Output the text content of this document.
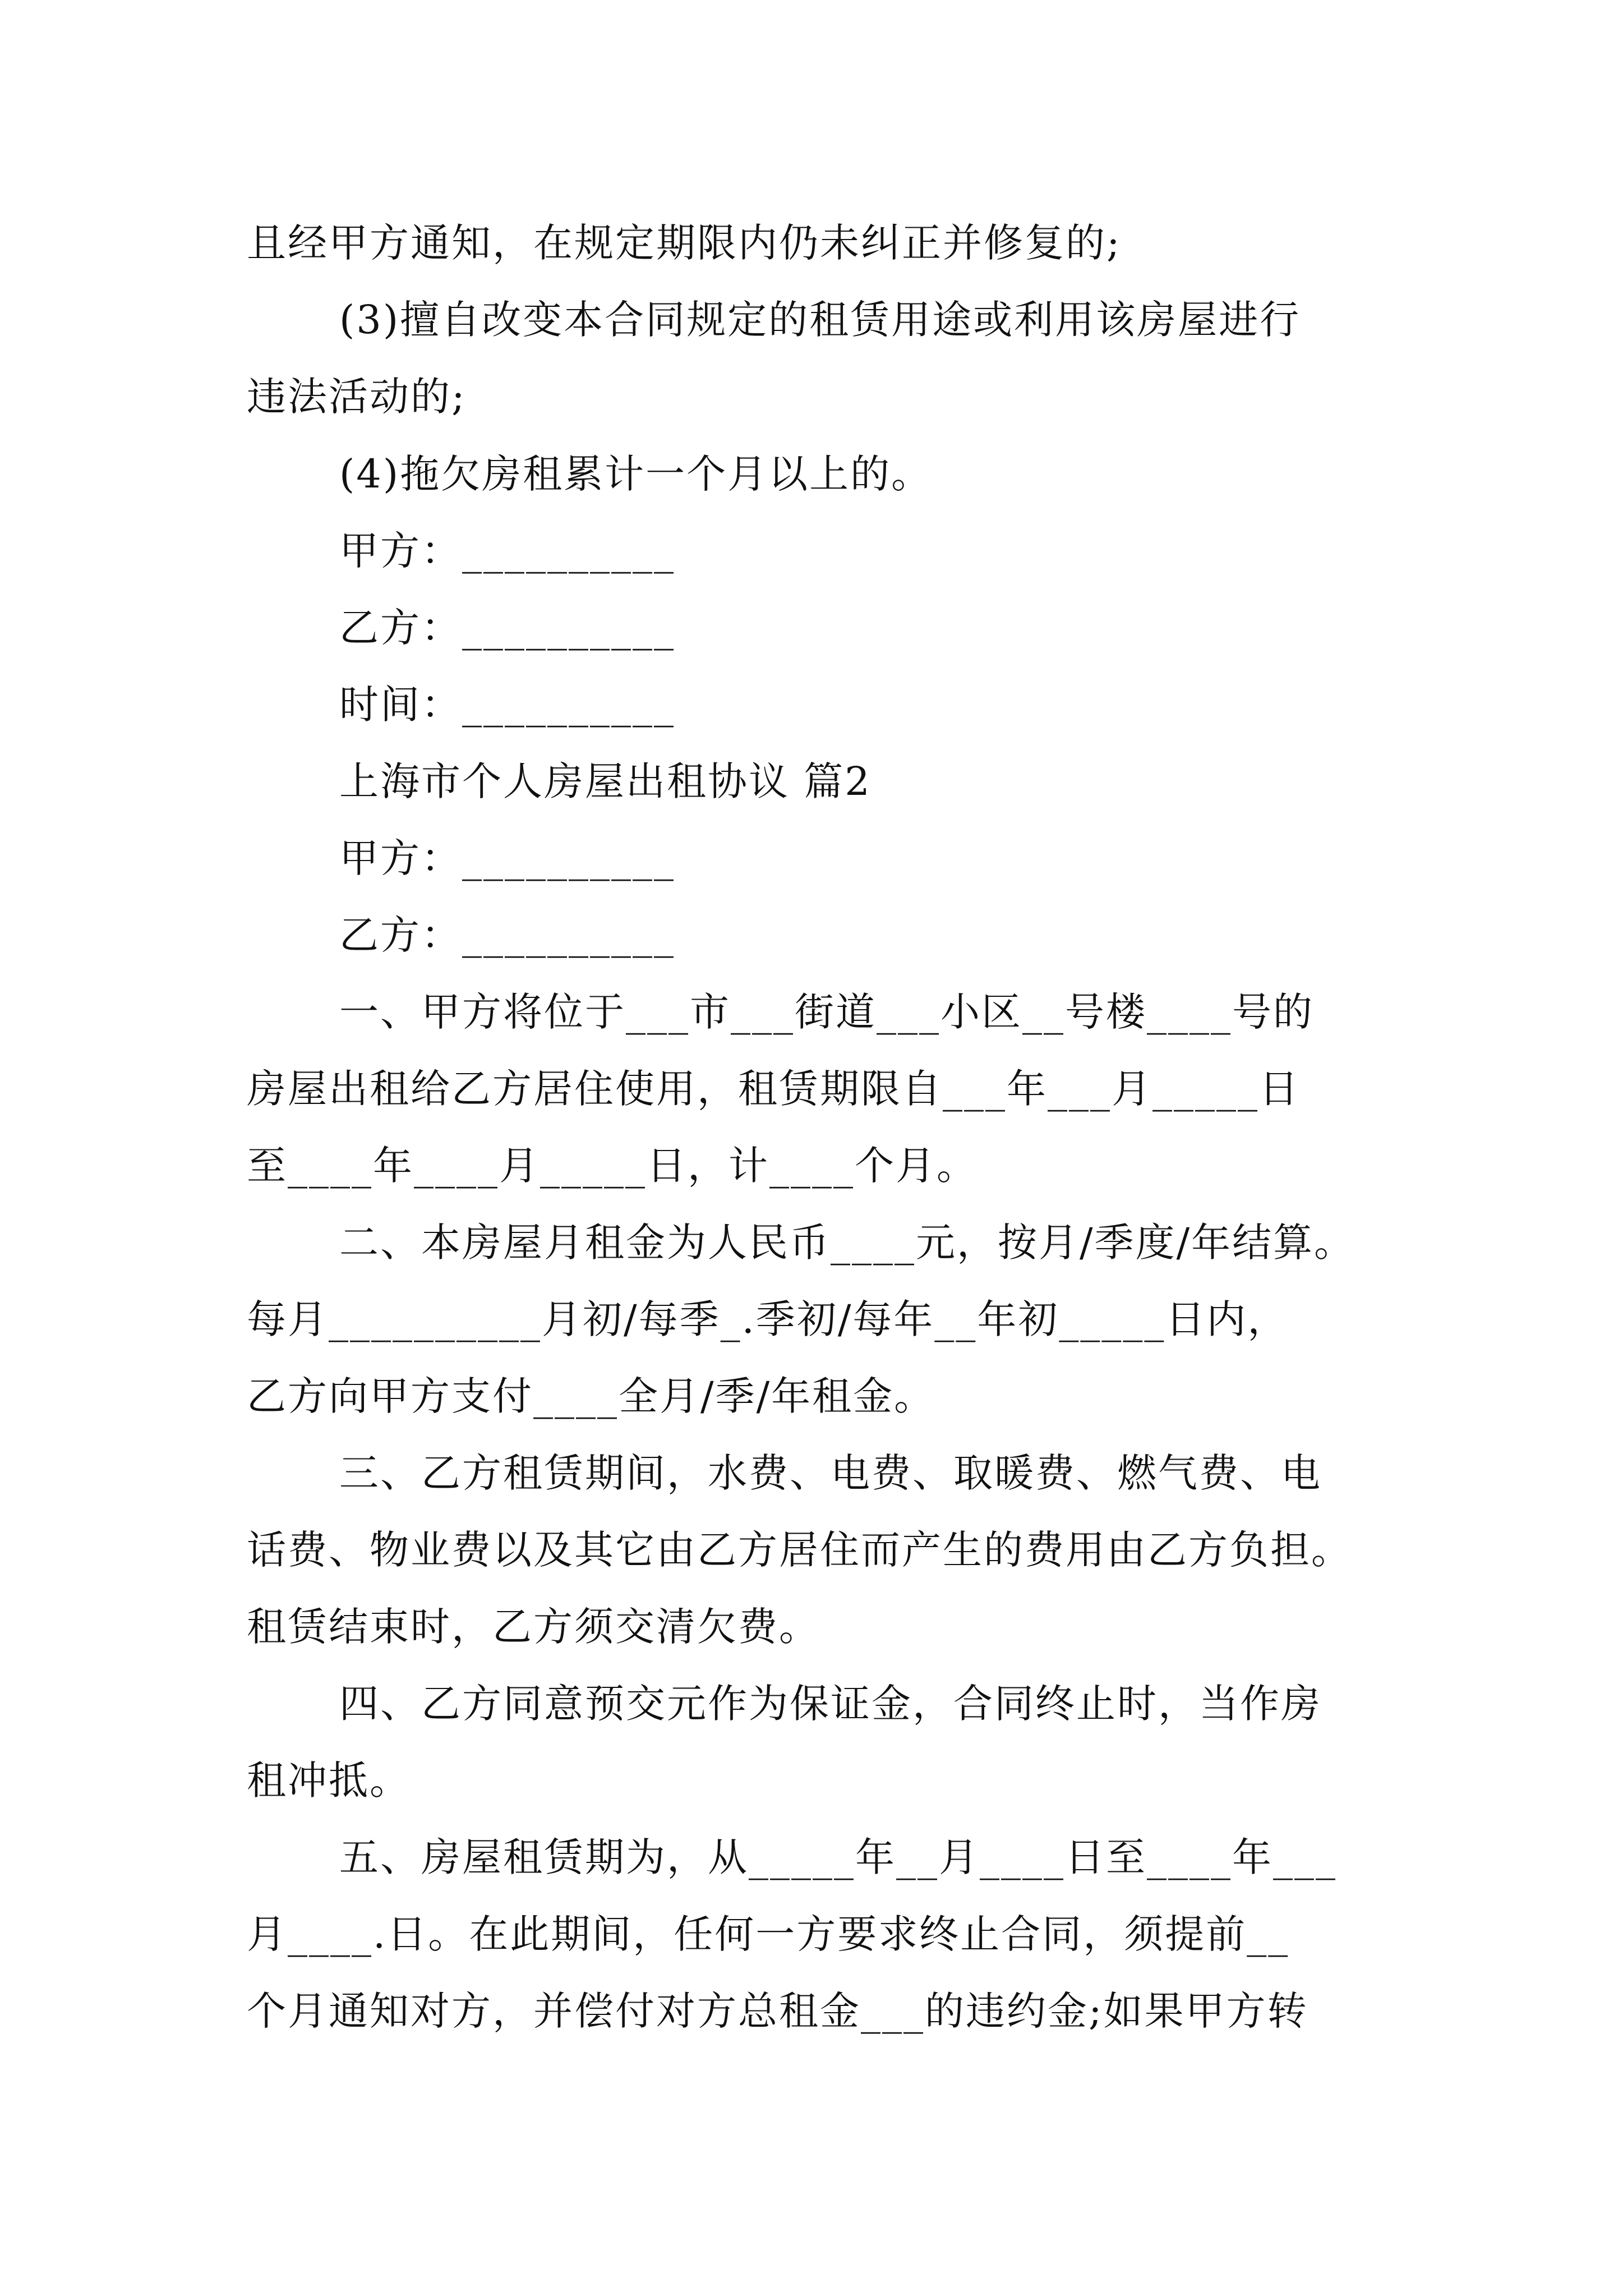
且经甲方通知，在规定期限内仍未纠正并修复的;
(3)擅自改变本合同规定的租赁用途或利用该房屋进行
违法活动的;
(4)拖欠房租累计一个月以上的。
甲方：__________
乙方：__________
时间：__________
上海市个人房屋出租协议 篇2
甲方：__________
乙方：__________
一、甲方将位于___市___街道___小区__号楼____号的
房屋出租给乙方居住使用，租赁期限自___年___月_____日
至____年____月_____日，计____个月。
二、本房屋月租金为人民币____元，按月/季度/年结算。
每月__________月初/每季_.季初/每年__年初_____日内，
乙方向甲方支付____全月/季/年租金。
三、乙方租赁期间，水费、电费、取暖费、燃气费、电
话费、物业费以及其它由乙方居住而产生的费用由乙方负担。
租赁结束时，乙方须交清欠费。
四、乙方同意预交元作为保证金，合同终止时，当作房
租冲抵。
五、房屋租赁期为，从_____年__月____日至____年___
月____.日。在此期间，任何一方要求终止合同，须提前__
个月通知对方，并偿付对方总租金___的违约金;如果甲方转
